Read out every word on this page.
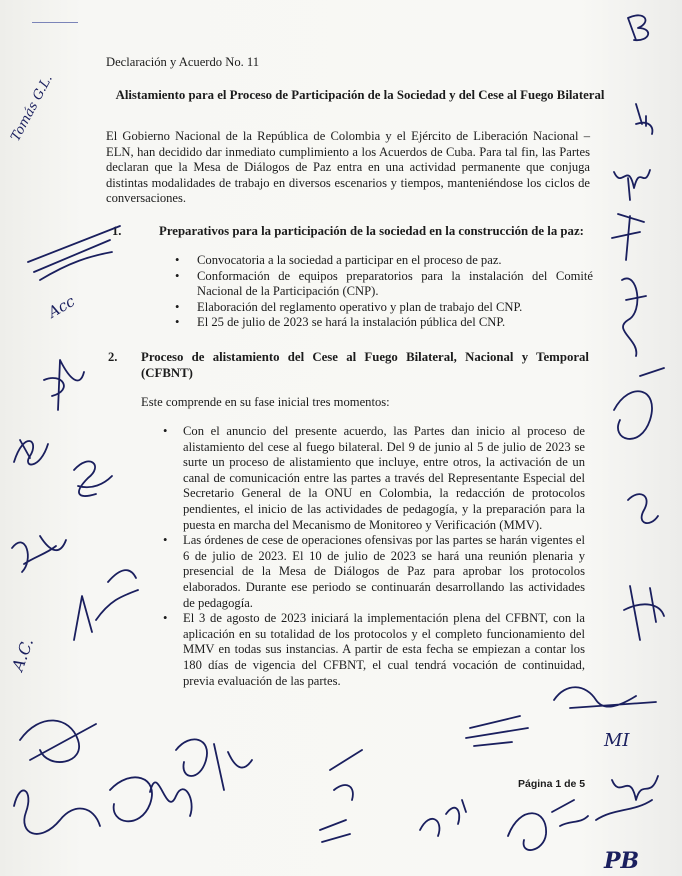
Declaración y Acuerdo No. 11
Alistamiento para el Proceso de Participación de la Sociedad y del Cese al Fuego Bilateral
El Gobierno Nacional de la República de Colombia y el Ejército de Liberación Nacional – ELN, han decidido dar inmediato cumplimiento a los Acuerdos de Cuba. Para tal fin, las Partes declaran que la Mesa de Diálogos de Paz entra en una actividad permanente que conjuga distintas modalidades de trabajo en diversos escenarios y tiempos, manteniéndose los ciclos de conversaciones.
1.	Preparativos para la participación de la sociedad en la construcción de la paz:
• Convocatoria a la sociedad a participar en el proceso de paz.
• Conformación de equipos preparatorios para la instalación del Comité Nacional de la Participación (CNP).
• Elaboración del reglamento operativo y plan de trabajo del CNP.
• El 25 de julio de 2023 se hará la instalación pública del CNP.
2. Proceso de alistamiento del Cese al Fuego Bilateral, Nacional y Temporal (CFBNT)
Este comprende en su fase inicial tres momentos:
• Con el anuncio del presente acuerdo, las Partes dan inicio al proceso de alistamiento del cese al fuego bilateral. Del 9 de junio al 5 de julio de 2023 se surte un proceso de alistamiento que incluye, entre otros, la activación de un canal de comunicación entre las partes a través del Representante Especial del Secretario General de la ONU en Colombia, la redacción de protocolos pendientes, el inicio de las actividades de pedagogía, y la preparación para la puesta en marcha del Mecanismo de Monitoreo y Verificación (MMV).
• Las órdenes de cese de operaciones ofensivas por las partes se harán vigentes el 6 de julio de 2023. El 10 de julio de 2023 se hará una reunión plenaria y presencial de la Mesa de Diálogos de Paz para aprobar los protocolos elaborados. Durante ese periodo se continuarán desarrollando las actividades de pedagogía.
• El 3 de agosto de 2023 iniciará la implementación plena del CFBNT, con la aplicación en su totalidad de los protocolos y el completo funcionamiento del MMV en todas sus instancias. A partir de esta fecha se empiezan a contar los 180 días de vigencia del CFBNT, el cual tendrá vocación de continuidad, previa evaluación de las partes.
Página 1 de 5
Tomás G.L.
Acc
A.C.
MI
PB
